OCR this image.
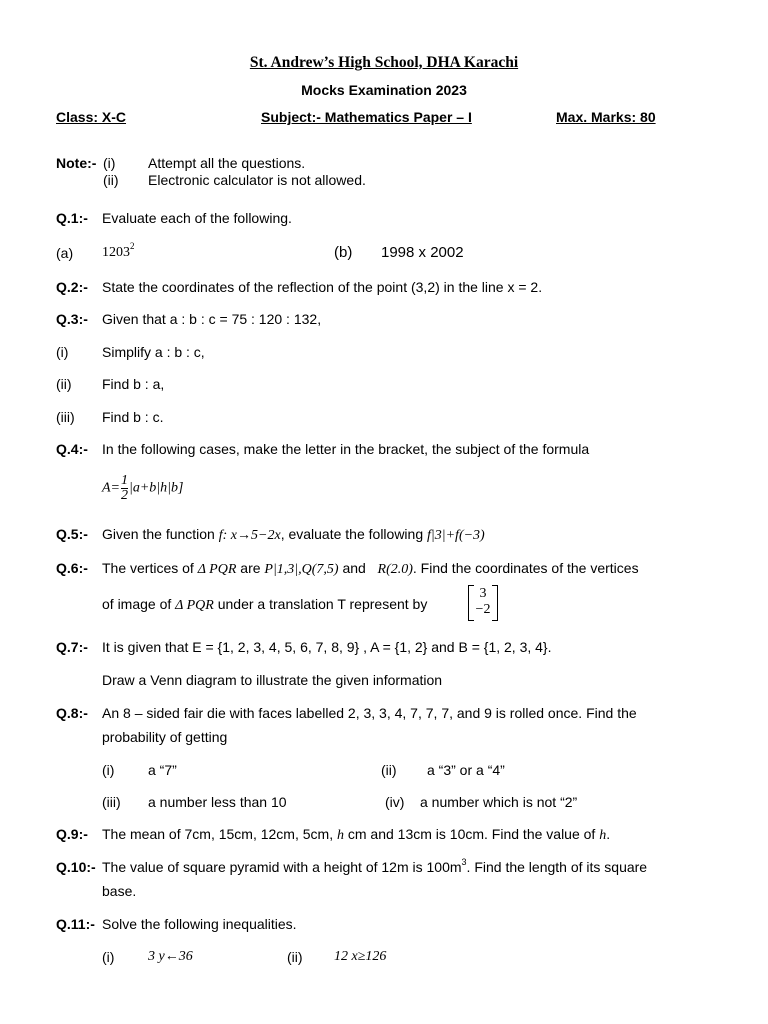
St. Andrew’s High School, DHA Karachi
Mocks Examination 2023
Class: X-C	Subject:- Mathematics Paper – I	Max. Marks: 80
Note:- (i) Attempt all the questions.
(ii) Electronic calculator is not allowed.
Q.1:- Evaluate each of the following.
(a) 1203$^2$	(b) 1998 x 2002
Q.2:- State the coordinates of the reflection of the point (3,2) in the line x = 2.
Q.3:- Given that a : b : c = 75 : 120 : 132,
(i) Simplify a : b : c,
(ii) Find b : a,
(iii) Find b : c.
Q.4:- In the following cases, make the letter in the bracket, the subject of the formula
$A= \frac{1}{2} |a+b|h|b$]
Q.5:- Given the function f: x→5−2x, evaluate the following f|3|+f(−3)
Q.6:- The vertices of Δ PQR are P|1,3|,Q(7,5) and   R(2.0). Find the coordinates of the vertices
of image of Δ PQR under a translation T represent by
3
−2
Q.7:- It is given that E = {1, 2, 3, 4, 5, 6, 7, 8, 9} , A = {1, 2} and B = {1, 2, 3, 4}.
Draw a Venn diagram to illustrate the given information
Q.8:- An 8 – sided fair die with faces labelled 2, 3, 3, 4, 7, 7, 7, and 9 is rolled once. Find the
probability of getting
(i) a “7”	(ii) a “3” or a “4”
(iii) a number less than 10	(iv) a number which is not “2”
Q.9:- The mean of 7cm, 15cm, 12cm, 5cm, h cm and 13cm is 10cm. Find the value of h.
Q.10:- The value of square pyramid with a height of 12m is $100m^3$. Find the length of its square
base.
Q.11:- Solve the following inequalities.
(i) 3 y←36	(ii) 12 x≥126
